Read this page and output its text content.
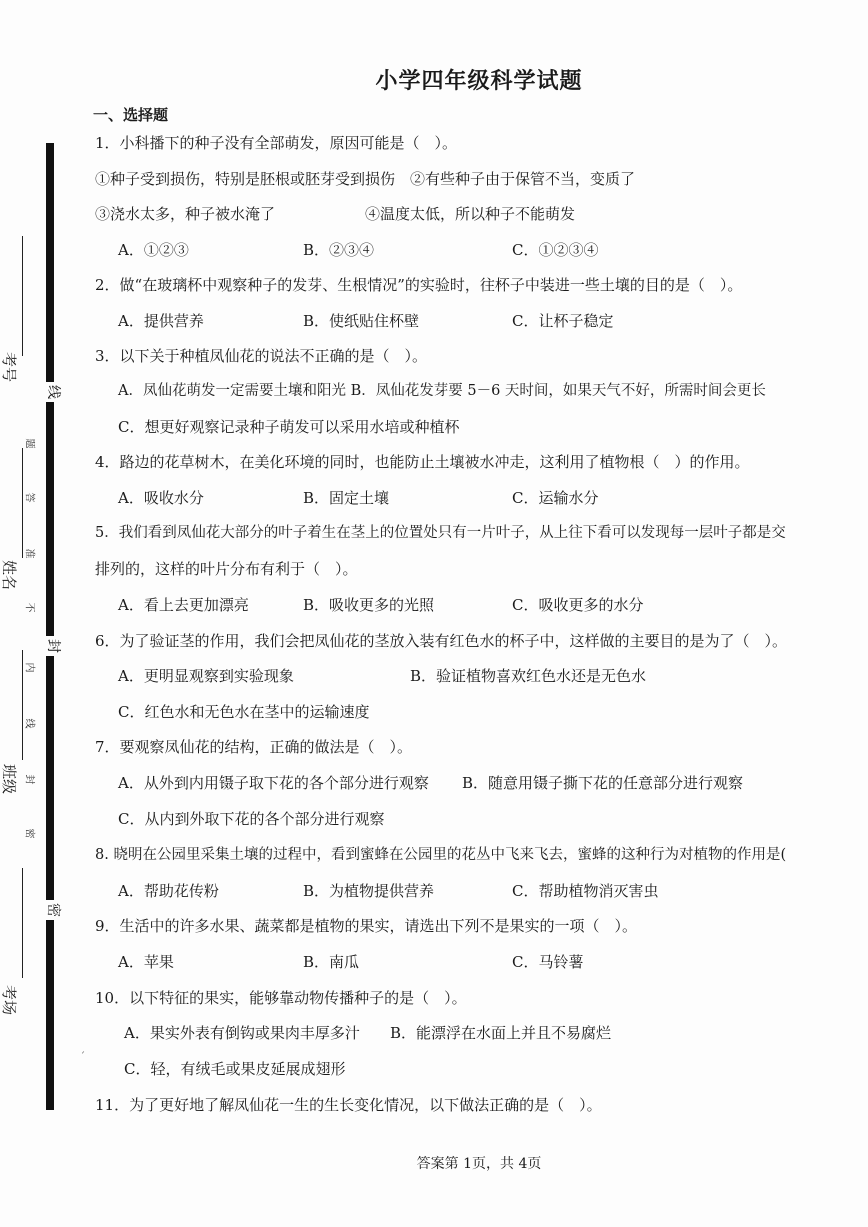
线
封
密
考号
姓名
班级
考场
题
答
准
不
内
线
封
密
小学四年级科学试题
一、选择题
1．小科播下的种子没有全部萌发，原因可能是（　）。
①种子受到损伤，特别是胚根或胚芽受到损伤　②有些种子由于保管不当，变质了
③浇水太多，种子被水淹了　　　　　　④温度太低，所以种子不能萌发
A．①②③	B．②③④	C．①②③④
2．做“在玻璃杯中观察种子的发芽、生根情况”的实验时，往杯子中装进一些土壤的目的是（　）。
A．提供营养	B．使纸贴住杯壁	C．让杯子稳定
3．以下关于种植凤仙花的说法不正确的是（　）。
A．凤仙花萌发一定需要土壤和阳光 B．凤仙花发芽要 5－6 天时间，如果天气不好，所需时间会更长
C．想更好观察记录种子萌发可以采用水培或种植杯
4．路边的花草树木，在美化环境的同时，也能防止土壤被水冲走，这利用了植物根（　）的作用。
A．吸收水分	B．固定土壤	C．运输水分
5．我们看到凤仙花大部分的叶子着生在茎上的位置处只有一片叶子，从上往下看可以发现每一层叶子都是交
排列的，这样的叶片分布有利于（　）。
A．看上去更加漂亮	B．吸收更多的光照	C．吸收更多的水分
6．为了验证茎的作用，我们会把凤仙花的茎放入装有红色水的杯子中，这样做的主要目的是为了（　）。
A．更明显观察到实验现象	B．验证植物喜欢红色水还是无色水
C．红色水和无色水在茎中的运输速度
7．要观察凤仙花的结构，正确的做法是（　）。
A．从外到内用镊子取下花的各个部分进行观察 B．随意用镊子撕下花的任意部分进行观察
C．从内到外取下花的各个部分进行观察
8. 晓明在公园里采集土壤的过程中，看到蜜蜂在公园里的花丛中飞来飞去，蜜蜂的这种行为对植物的作用是(
A．帮助花传粉	B．为植物提供营养	C．帮助植物消灭害虫
9．生活中的许多水果、蔬菜都是植物的果实，请选出下列不是果实的一项（　）。
A．苹果	B．南瓜	C．马铃薯
10．以下特征的果实，能够靠动物传播种子的是（　）。
A．果实外表有倒钩或果肉丰厚多汁 B．能漂浮在水面上并且不易腐烂
C．轻，有绒毛或果皮延展成翅形
11．为了更好地了解凤仙花一生的生长变化情况，以下做法正确的是（　）。
ˊ
答案第 1页，共 4页
